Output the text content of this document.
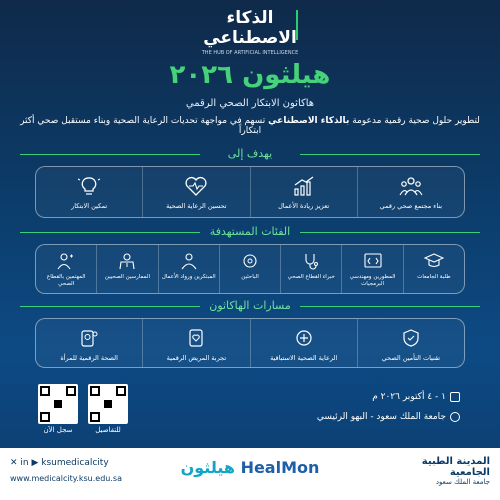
الذكاء الاصطناعي
THE HUB OF ARTIFICIAL INTELLIGENCE
هيلثون ٢٠٢٦
هاكاثون الابتكار الصحي الرقمي
لتطوير حلول صحية رقمية مدعومة بالذكاء الاصطناعي تسهم في مواجهة تحديات الرعاية الصحية وبناء مستقبل صحي أكثر ابتكاراً
يهدف إلى
بناء مجتمع صحي رقمي
تعزيز ريادة الأعمال
تحسين الرعاية الصحية
تمكين الابتكار
الفئات المستهدفة
طلبة الجامعات
المطورين ومهندسي البرمجيات
خبراء القطاع الصحي
الباحثين
المبتكرين ورواد الأعمال
الممارسين الصحيين
المهتمين بالقطاع الصحي
مسارات الهاكاثون
تقنيات التأمين الصحي
الرعاية الصحية الاستباقية
تجربة المريض الرقمية
الصحة الرقمية للمرأة
١ - ٤ أكتوبر ٢٠٢٦ م
جامعة الملك سعود - البهو الرئيسي
سجل الآن	للتفاصيل
✕ in ▶ ksumedicalcity
www.medicalcity.ksu.edu.sa
هيلثون HealMon	المدينة الطبية الجامعية
جامعة الملك سعود
